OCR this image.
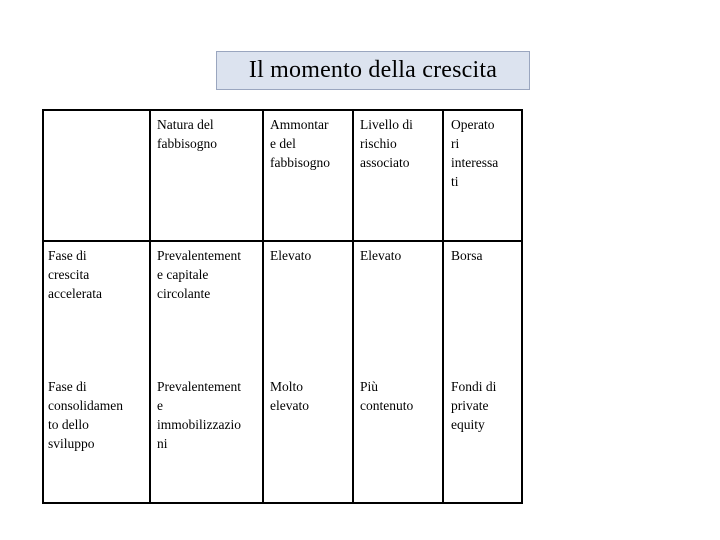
Il momento della crescita
Natura del
fabbisogno
Ammontar
e del
fabbisogno
Livello di
rischio
associato
Operato
ri
interessa
ti
Fase di
crescita
accelerata
Prevalentement
e capitale
circolante
Elevato	Elevato	Borsa
Fase di
consolidamen
to dello
sviluppo
Prevalentement
e
immobilizzazio
ni
Molto
elevato
Più
contenuto
Fondi di
private
equity
